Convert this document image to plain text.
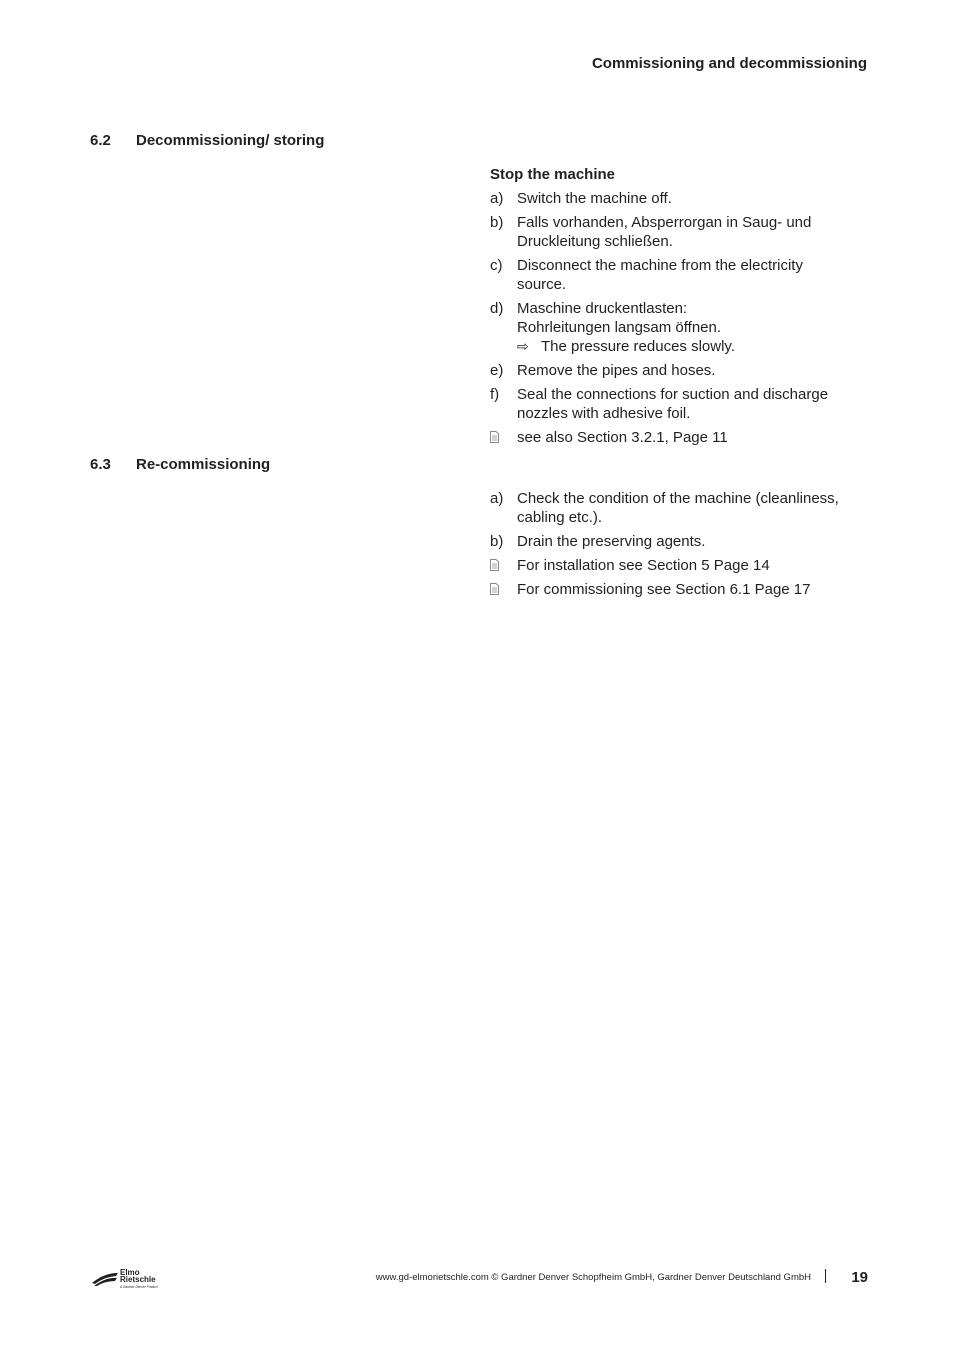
Commissioning and decommissioning
6.2 Decommissioning/ storing
Stop the machine
a) Switch the machine off.
b) Falls vorhanden, Absperrorgan in Saug- und
Druckleitung schließen.
c) Disconnect the machine from the electricity
source.
d) Maschine druckentlasten:
Rohrleitungen langsam öffnen.
⇨ The pressure reduces slowly.
e) Remove the pipes and hoses.
f)	Seal the connections for suction and discharge
nozzles with adhesive foil.
see also Section 3.2.1, Page 11
6.3 Re-commissioning
a) Check the condition of the machine (cleanliness,
cabling etc.).
b) Drain the preserving agents.
For installation see Section 5 Page 14
For commissioning see Section 6.1 Page 17
Elmo
Rietschle
A Gardner Denver Product
www.gd-elmorietschle.com © Gardner Denver Schopfheim GmbH, Gardner Denver Deutschland GmbH	19
